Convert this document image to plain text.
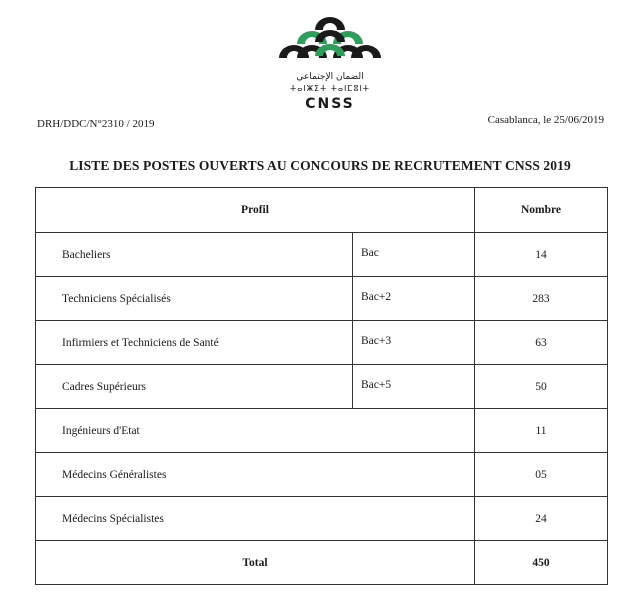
الضمان الإجتماعي
ⵜⴰⵏⵥⵉⵜ ⵜⴰⵏⵎⵓⵏⵜ
CNSS
DRH/DDC/N°2310 / 2019	Casablanca, le 25/06/2019
LISTE DES POSTES OUVERTS AU CONCOURS DE RECRUTEMENT CNSS 2019
Profil		Nombre
Bacheliers	Bac	14
Techniciens Spécialisés	Bac+2	283
Infirmiers et Techniciens de Santé	Bac+3	63
Cadres Supérieurs	Bac+5	50
Ingénieurs d'Etat		11
Médecins Généralistes		05
Médecins Spécialistes		24
Total		450
